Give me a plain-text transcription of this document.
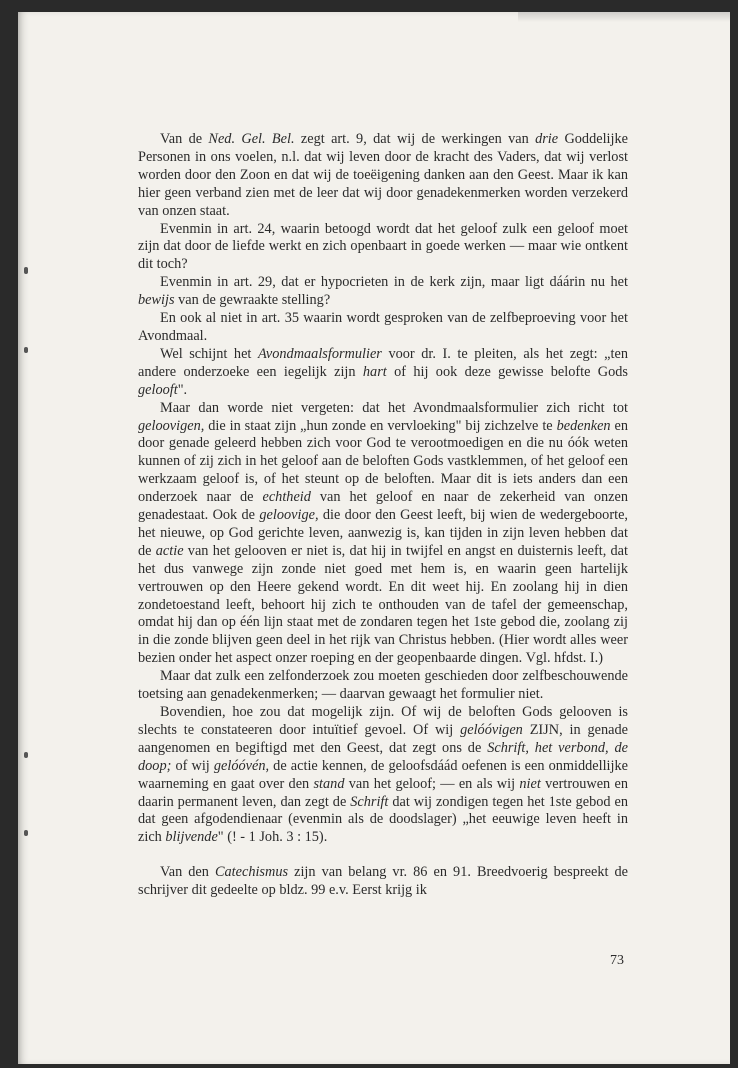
Van de Ned. Gel. Bel. zegt art. 9, dat wij de werkingen van drie Goddelijke Personen in ons voelen, n.l. dat wij leven door de kracht des Vaders, dat wij verlost worden door den Zoon en dat wij de toeëigening danken aan den Geest. Maar ik kan hier geen verband zien met de leer dat wij door genadekenmerken worden verzekerd van onzen staat.

Evenmin in art. 24, waarin betoogd wordt dat het geloof zulk een geloof moet zijn dat door de liefde werkt en zich openbaart in goede werken — maar wie ontkent dit toch?

Evenmin in art. 29, dat er hypocrieten in de kerk zijn, maar ligt dáárin nu het bewijs van de gewraakte stelling?

En ook al niet in art. 35 waarin wordt gesproken van de zelfbeproeving voor het Avondmaal.

Wel schijnt het Avondmaalsformulier voor dr. I. te pleiten, als het zegt: „ten andere onderzoeke een iegelijk zijn hart of hij ook deze gewisse belofte Gods gelooft".

Maar dan worde niet vergeten: dat het Avondmaalsformulier zich richt tot geloovigen, die in staat zijn „hun zonde en vervloeking" bij zichzelve te bedenken en door genade geleerd hebben zich voor God te verootmoedigen en die nu óók weten kunnen of zij zich in het geloof aan de beloften Gods vastklemmen, of het geloof een werkzaam geloof is, of het steunt op de beloften. Maar dit is iets anders dan een onderzoek naar de echtheid van het geloof en naar de zekerheid van onzen genadestaat. Ook de geloovige, die door den Geest leeft, bij wien de wedergeboorte, het nieuwe, op God gerichte leven, aanwezig is, kan tijden in zijn leven hebben dat de actie van het gelooven er niet is, dat hij in twijfel en angst en duisternis leeft, dat het dus vanwege zijn zonde niet goed met hem is, en waarin geen hartelijk vertrouwen op den Heere gekend wordt. En dit weet hij. En zoolang hij in dien zondetoestand leeft, behoort hij zich te onthouden van de tafel der gemeenschap, omdat hij dan op één lijn staat met de zondaren tegen het 1ste gebod die, zoolang zij in die zonde blijven geen deel in het rijk van Christus hebben. (Hier wordt alles weer bezien onder het aspect onzer roeping en der geopenbaarde dingen. Vgl. hfdst. I.)

Maar dat zulk een zelfonderzoek zou moeten geschieden door zelfbeschouwende toetsing aan genadekenmerken; — daarvan gewaagt het formulier niet.

Bovendien, hoe zou dat mogelijk zijn. Of wij de beloften Gods gelooven is slechts te constateeren door intuïtief gevoel. Of wij gelóóvigen ZIJN, in genade aangenomen en begiftigd met den Geest, dat zegt ons de Schrift, het verbond, de doop; of wij gelóóvén, de actie kennen, de geloofsdáád oefenen is een onmiddellijke waarneming en gaat over den stand van het geloof; — en als wij niet vertrouwen en daarin permanent leven, dan zegt de Schrift dat wij zondigen tegen het 1ste gebod en dat geen afgodendienaar (evenmin als de doodslager) „het eeuwige leven heeft in zich blijvende" (! - 1 Joh. 3 : 15).

Van den Catechismus zijn van belang vr. 86 en 91. Breedvoerig bespreekt de schrijver dit gedeelte op bldz. 99 e.v. Eerst krijg ik

73
